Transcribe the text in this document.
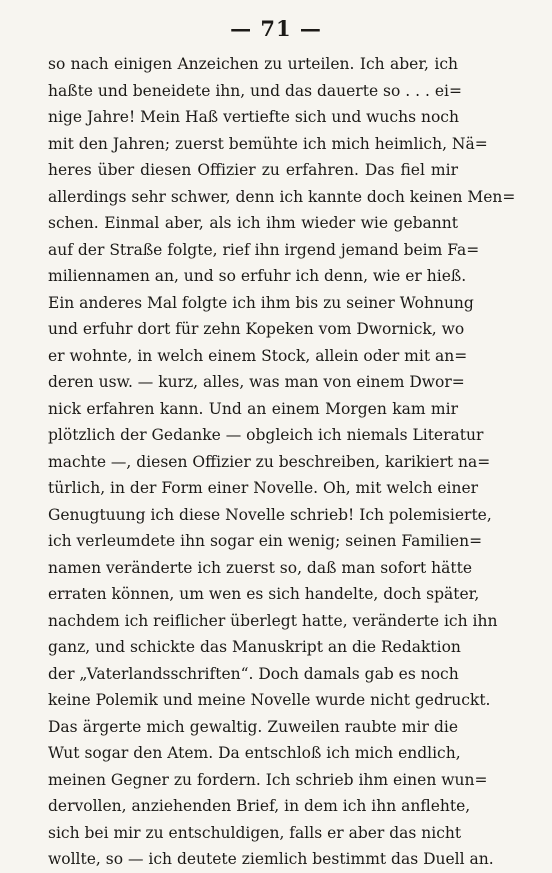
— 71 —
so nach einigen Anzeichen zu urteilen. Ich aber, ich
haßte und beneidete ihn, und das dauerte so . . . ei=
nige Jahre! Mein Haß vertiefte sich und wuchs noch
mit den Jahren; zuerst bemühte ich mich heimlich, Nä=
heres über diesen Offizier zu erfahren. Das fiel mir
allerdings sehr schwer, denn ich kannte doch keinen Men=
schen. Einmal aber, als ich ihm wieder wie gebannt
auf der Straße folgte, rief ihn irgend jemand beim Fa=
miliennamen an, und so erfuhr ich denn, wie er hieß.
Ein anderes Mal folgte ich ihm bis zu seiner Wohnung
und erfuhr dort für zehn Kopeken vom Dwornick, wo
er wohnte, in welch einem Stock, allein oder mit an=
deren usw. — kurz, alles, was man von einem Dwor=
nick erfahren kann. Und an einem Morgen kam mir
plötzlich der Gedanke — obgleich ich niemals Literatur
machte —, diesen Offizier zu beschreiben, karikiert na=
türlich, in der Form einer Novelle. Oh, mit welch einer
Genugtuung ich diese Novelle schrieb! Ich polemisierte,
ich verleumdete ihn sogar ein wenig; seinen Familien=
namen veränderte ich zuerst so, daß man sofort hätte
erraten können, um wen es sich handelte, doch später,
nachdem ich reiflicher überlegt hatte, veränderte ich ihn
ganz, und schickte das Manuskript an die Redaktion
der „Vaterlandsschriften“. Doch damals gab es noch
keine Polemik und meine Novelle wurde nicht gedruckt.
Das ärgerte mich gewaltig. Zuweilen raubte mir die
Wut sogar den Atem. Da entschloß ich mich endlich,
meinen Gegner zu fordern. Ich schrieb ihm einen wun=
dervollen, anziehenden Brief, in dem ich ihn anflehte,
sich bei mir zu entschuldigen, falls er aber das nicht
wollte, so — ich deutete ziemlich bestimmt das Duell an.
